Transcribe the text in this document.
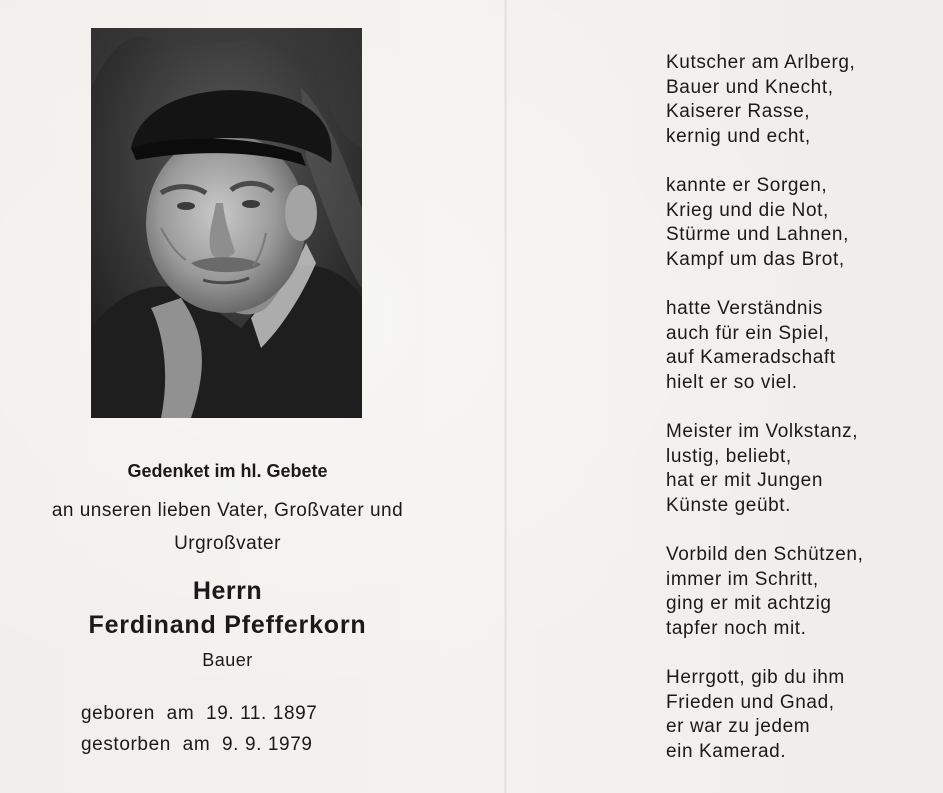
Gedenket im hl. Gebete
an unseren lieben Vater, Großvater und
Urgroßvater
Herrn
Ferdinand Pfefferkorn
Bauer
geboren  am  19. 11. 1897
gestorben  am  9. 9. 1979
Kutscher am Arlberg,
Bauer und Knecht,
Kaiserer Rasse,
kernig und echt,
kannte er Sorgen,
Krieg und die Not,
Stürme und Lahnen,
Kampf um das Brot,
hatte Verständnis
auch für ein Spiel,
auf Kameradschaft
hielt er so viel.
Meister im Volkstanz,
lustig, beliebt,
hat er mit Jungen
Künste geübt.
Vorbild den Schützen,
immer im Schritt,
ging er mit achtzig
tapfer noch mit.
Herrgott, gib du ihm
Frieden und Gnad,
er war zu jedem
ein Kamerad.
